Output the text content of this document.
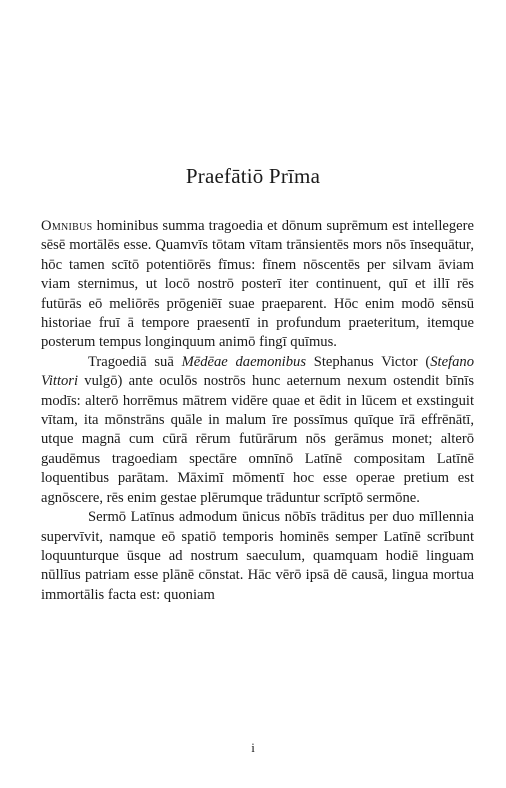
Praefātiō Prīma

Omnibus hominibus summa tragoedia et dōnum suprēmum est intellegere sēsē mortālēs esse. Quamvīs tōtam vītam trānsientēs mors nōs īnsequātur, hōc tamen scītō potentiōrēs fīmus: fīnem nōscentēs per silvam āviam viam sternimus, ut locō nostrō posterī iter continuent, quī et illī rēs futūrās eō meliōrēs prōgeniēī suae praeparent. Hōc enim modō sēnsū historiae fruī ā tempore praesentī in profundum praeteritum, itemque posterum tempus longinquum animō fingī quīmus.

Tragoediā suā Mēdēae daemonibus Stephanus Victor (Stefano Vittori vulgō) ante oculōs nostrōs hunc aeternum nexum ostendit bīnīs modīs: alterō horrēmus mātrem vidēre quae et ēdit in lūcem et exstinguit vītam, ita mōnstrāns quāle in malum īre possīmus quīque īrā effrēnātī, utque magnā cum cūrā rērum futūrārum nōs gerāmus monet; alterō gaudēmus tragoediam spectāre omnīnō Latīnē compositam Latīnē loquentibus parātam. Māximī mōmentī hoc esse operae pretium est agnōscere, rēs enim gestae plērumque trāduntur scrīptō sermōne.

Sermō Latīnus admodum ūnicus nōbīs trāditus per duo mīllennia supervīvit, namque eō spatiō temporis hominēs semper Latīnē scrībunt loquunturque ūsque ad nostrum saeculum, quamquam hodiē linguam nūllīus patriam esse plānē cōnstat. Hāc vērō ipsā dē causā, lingua mortua immortālis facta est: quoniam

i
